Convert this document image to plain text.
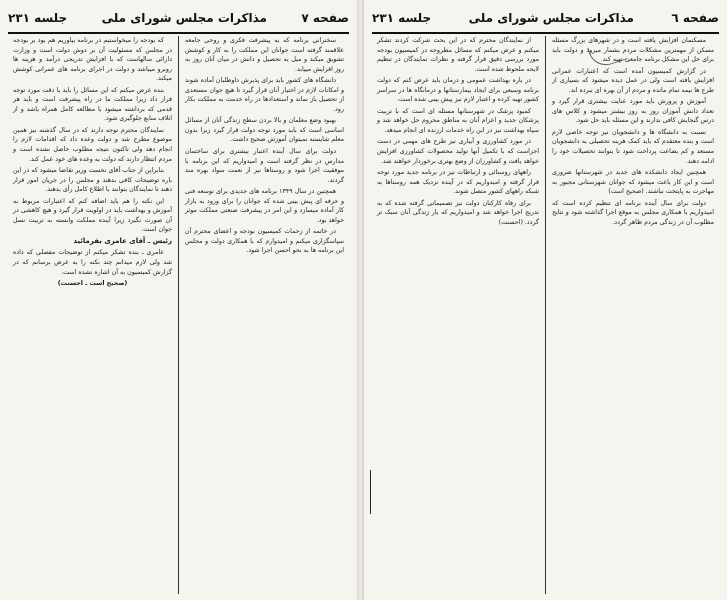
صفحه ۷
مذاکرات مجلس شورای ملی
جلسه ۲۳۱

سخنرانی برنامه که به پیشرفت فکری و روحی جامعه علاقمند گرفته است جوانان این مملکت را به کار و کوشش تشویق میکند و میل به تحصیل و دانش در میان آنان روز به روز افزایش مییابد.

دانشگاه های کشور باید برای پذیرش داوطلبان آماده شوند و امکانات لازم در اختیار آنان قرار گیرد تا هیچ جوان مستعدی از تحصیل باز نماند و استعدادها در راه خدمت به مملکت بکار رود.

بهبود وضع معلمان و بالا بردن سطح زندگی آنان از مسائل اساسی است که باید مورد توجه دولت قرار گیرد زیرا بدون معلم شایسته نمیتوان آموزش صحیح داشت.

دولت برای سال آینده اعتبار بیشتری برای ساختمان مدارس در نظر گرفته است و امیدواریم که این برنامه با موفقیت اجرا شود و روستاها نیز از نعمت سواد بهره مند گردند.

همچنین در سال ۱۳۴۹ برنامه های جدیدی برای توسعه فنی و حرفه ای پیش بینی شده که جوانان را برای ورود به بازار کار آماده میسازد و این امر در پیشرفت صنعتی مملکت موثر خواهد بود.

در خاتمه از زحمات کمیسیون بودجه و اعضای محترم آن سپاسگزاری میکنم و امیدوارم که با همکاری دولت و مجلس این برنامه ها به نحو احسن اجرا شود.

که بودجه را میخواستیم در برنامه بیاوریم هم بود بر بودجه در مجلس که مسئولیت آن بر دوش دولت است و وزارت دارائی سالهاست که با افزایش تدریجی درآمد و هزینه ها روبرو میباشد و دولت در اجرای برنامه های عمرانی کوشش میکند.

بنده عرض میکنم که این مسائل را باید با دقت مورد توجه قرار داد زیرا مملکت ما در راه پیشرفت است و باید هر قدمی که برداشته میشود با مطالعه کامل همراه باشد و از اتلاف منابع جلوگیری شود.

نمایندگان محترم توجه دارند که در سال گذشته نیز همین موضوع مطرح شد و دولت وعده داد که اقدامات لازم را انجام دهد ولی تاکنون نتیجه مطلوب حاصل نشده است و مردم انتظار دارند که دولت به وعده های خود عمل کند.

بنابراین از جناب آقای نخست وزیر تقاضا میشود که در این باره توضیحات کافی بدهند و مجلس را در جریان امور قرار دهند تا نمایندگان بتوانند با اطلاع کامل رأی بدهند.

این نکته را هم باید اضافه کنم که اعتبارات مربوط به آموزش و بهداشت باید در اولویت قرار گیرد و هیچ کاهشی در آن صورت نگیرد زیرا آینده مملکت وابسته به تربیت نسل جوان است.

رئیس ـ آقای عامری بفرمائید

عامری ـ بنده تشکر میکنم از توضیحات مفصلی که داده شد ولی لازم میدانم چند نکته را به عرض برسانم که در گزارش کمیسیون به آن اشاره نشده است.

(صحیح است ـ احسنت)

صفحه ٦
مذاکرات مجلس شورای ملی
جلسه ۲۳۱

مسکنمان افزایش یافته است و در شهرهای بزرگ مسئله مسکن از مهمترین مشکلات مردم بشمار میرود و دولت باید برای حل این مشکل برنامه جامعی تهیه کند.

در گزارش کمیسیون آمده است که اعتبارات عمرانی افزایش یافته است ولی در عمل دیده میشود که بسیاری از طرح ها نیمه تمام مانده و مردم از آن بهره ای نبرده اند.

آموزش و پرورش باید مورد عنایت بیشتری قرار گیرد و تعداد دانش آموزان روز به روز بیشتر میشود و کلاس های درس گنجایش کافی ندارند و این مسئله باید حل شود.

نسبت به دانشگاه ها و دانشجویان نیز توجه خاصی لازم است و بنده معتقدم که باید کمک هزینه تحصیلی به دانشجویان مستعد و کم بضاعت پرداخت شود تا بتوانند تحصیلات خود را ادامه دهند.

همچنین ایجاد دانشکده های جدید در شهرستانها ضروری است و این کار باعث میشود که جوانان شهرستانی مجبور به مهاجرت به پایتخت نباشند. (صحیح است)

دولت برای سال آینده برنامه ای تنظیم کرده است که امیدواریم با همکاری مجلس به موقع اجرا گذاشته شود و نتایج مطلوب آن در زندگی مردم ظاهر گردد.

از نمایندگان محترم که در این بحث شرکت کردند تشکر میکنم و عرض میکنم که مسائل مطروحه در کمیسیون بودجه مورد بررسی دقیق قرار گرفته و نظرات نمایندگان در تنظیم لایحه ملحوظ شده است.

در باره بهداشت عمومی و درمان باید عرض کنم که دولت برنامه وسیعی برای ایجاد بیمارستانها و درمانگاه ها در سراسر کشور تهیه کرده و اعتبار لازم نیز پیش بینی شده است.

کمبود پزشک در شهرستانها مسئله ای است که با تربیت پزشکان جدید و اعزام آنان به مناطق محروم حل خواهد شد و سپاه بهداشت نیز در این راه خدمات ارزنده ای انجام میدهد.

در مورد کشاورزی و آبیاری نیز طرح های مهمی در دست اجراست که با تکمیل آنها تولید محصولات کشاورزی افزایش خواهد یافت و کشاورزان از وضع بهتری برخوردار خواهند شد.

راههای روستائی و ارتباطات نیز در برنامه جدید مورد توجه قرار گرفته و امیدواریم که در آینده نزدیک همه روستاها به شبکه راههای کشور متصل شوند.

برای رفاه کارکنان دولت نیز تصمیماتی گرفته شده که به تدریج اجرا خواهد شد و امیدواریم که بار زندگی آنان سبک تر گردد. (احسنت)
